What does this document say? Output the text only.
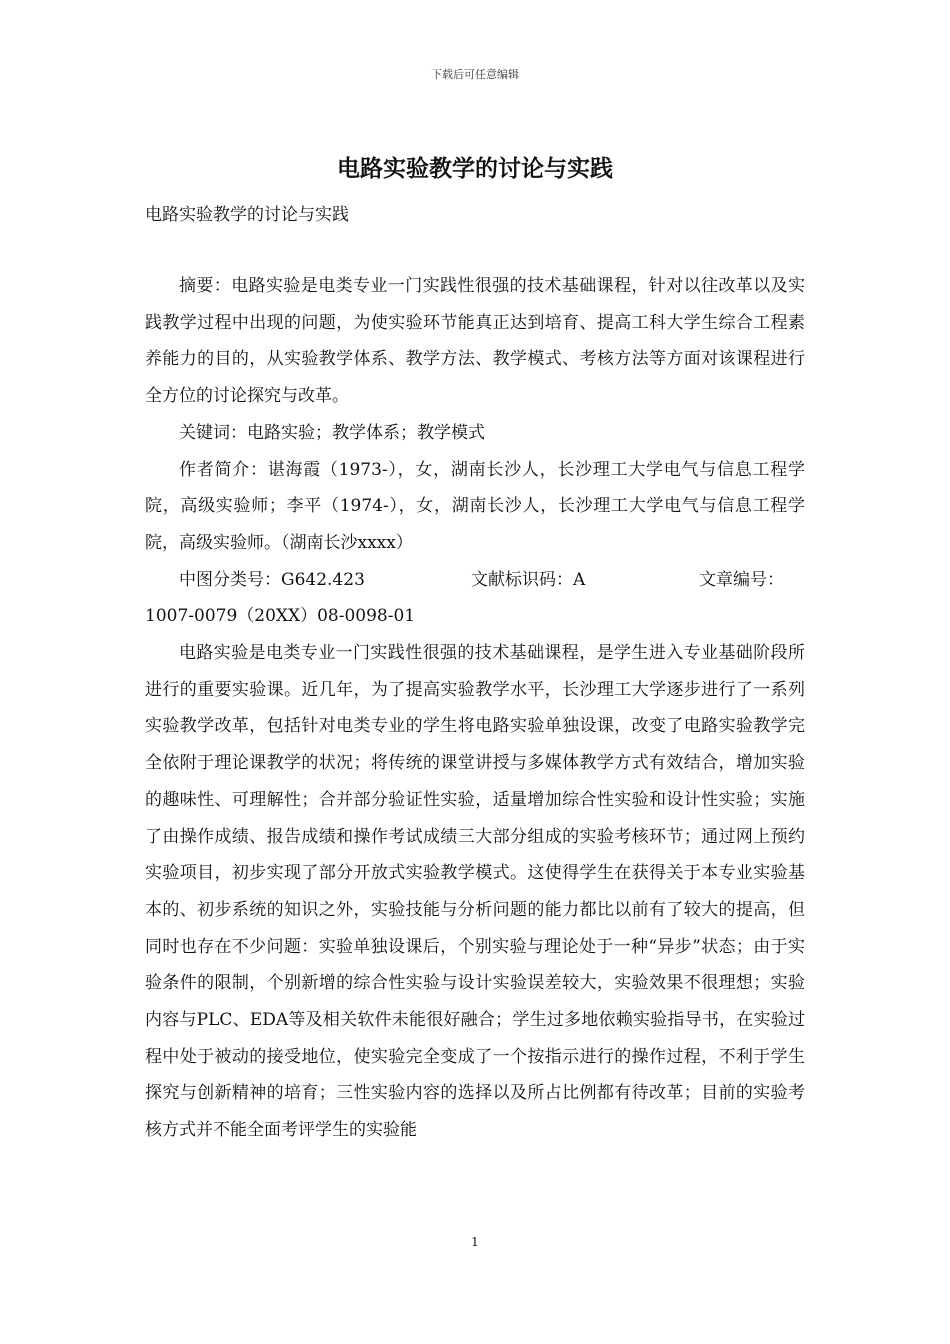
下载后可任意编辑
电路实验教学的讨论与实践
电路实验教学的讨论与实践

摘要：电路实验是电类专业一门实践性很强的技术基础课程，针对以往改革以及实践教学过程中出现的问题，为使实验环节能真正达到培育、提高工科大学生综合工程素养能力的目的，从实验教学体系、教学方法、教学模式、考核方法等方面对该课程进行全方位的讨论探究与改革。

关键词：电路实验；教学体系；教学模式

作者简介：谌海霞（1973-），女，湖南长沙人，长沙理工大学电气与信息工程学院，高级实验师；李平（1974-），女，湖南长沙人，长沙理工大学电气与信息工程学院，高级实验师。（湖南长沙xxxx）

中图分类号：G642.423	文献标识码：A	文章编号：

1007-0079（20XX）08-0098-01

电路实验是电类专业一门实践性很强的技术基础课程，是学生进入专业基础阶段所进行的重要实验课。近几年，为了提高实验教学水平，长沙理工大学逐步进行了一系列实验教学改革，包括针对电类专业的学生将电路实验单独设课，改变了电路实验教学完全依附于理论课教学的状况；将传统的课堂讲授与多媒体教学方式有效结合，增加实验的趣味性、可理解性；合并部分验证性实验，适量增加综合性实验和设计性实验；实施了由操作成绩、报告成绩和操作考试成绩三大部分组成的实验考核环节；通过网上预约实验项目，初步实现了部分开放式实验教学模式。这使得学生在获得关于本专业实验基本的、初步系统的知识之外，实验技能与分析问题的能力都比以前有了较大的提高，但同时也存在不少问题：实验单独设课后，个别实验与理论处于一种“异步”状态；由于实验条件的限制，个别新增的综合性实验与设计实验误差较大，实验效果不很理想；实验内容与PLC、EDA等及相关软件未能很好融合；学生过多地依赖实验指导书，在实验过程中处于被动的接受地位，使实验完全变成了一个按指示进行的操作过程，不利于学生探究与创新精神的培育；三性实验内容的选择以及所占比例都有待改革；目前的实验考核方式并不能全面考评学生的实验能

1
